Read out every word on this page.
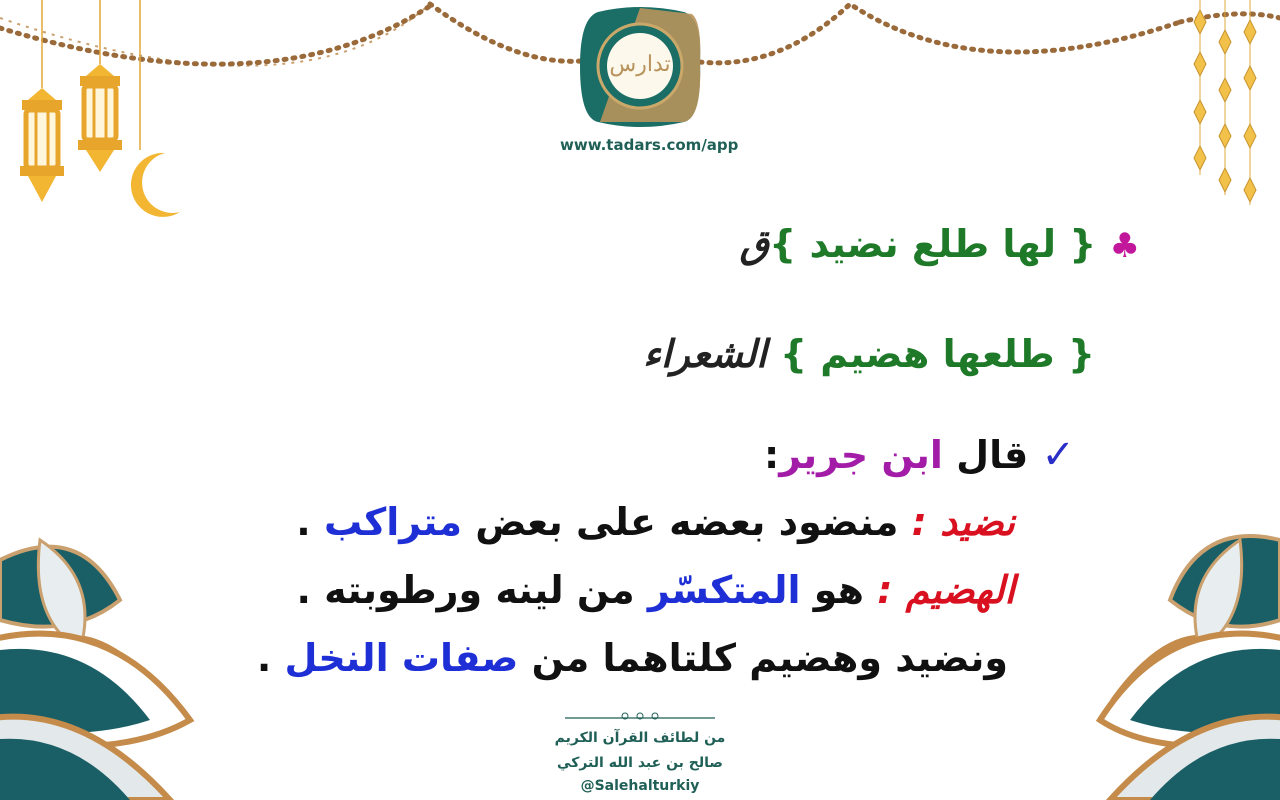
تدارس
www.tadars.com/app
♣ { لها طلع نضيد }ق
{ طلعها هضيم } الشعراء
✓ قال ابن جرير:
نضيد : منضود بعضه على بعض متراكب .
الهضيم : هو المتكسّر من لينه ورطوبته .
ونضيد وهضيم كلتاهما من صفات النخل .
من لطائف القرآن الكريم
صالح بن عبد الله التركي
@Salehalturkiy
